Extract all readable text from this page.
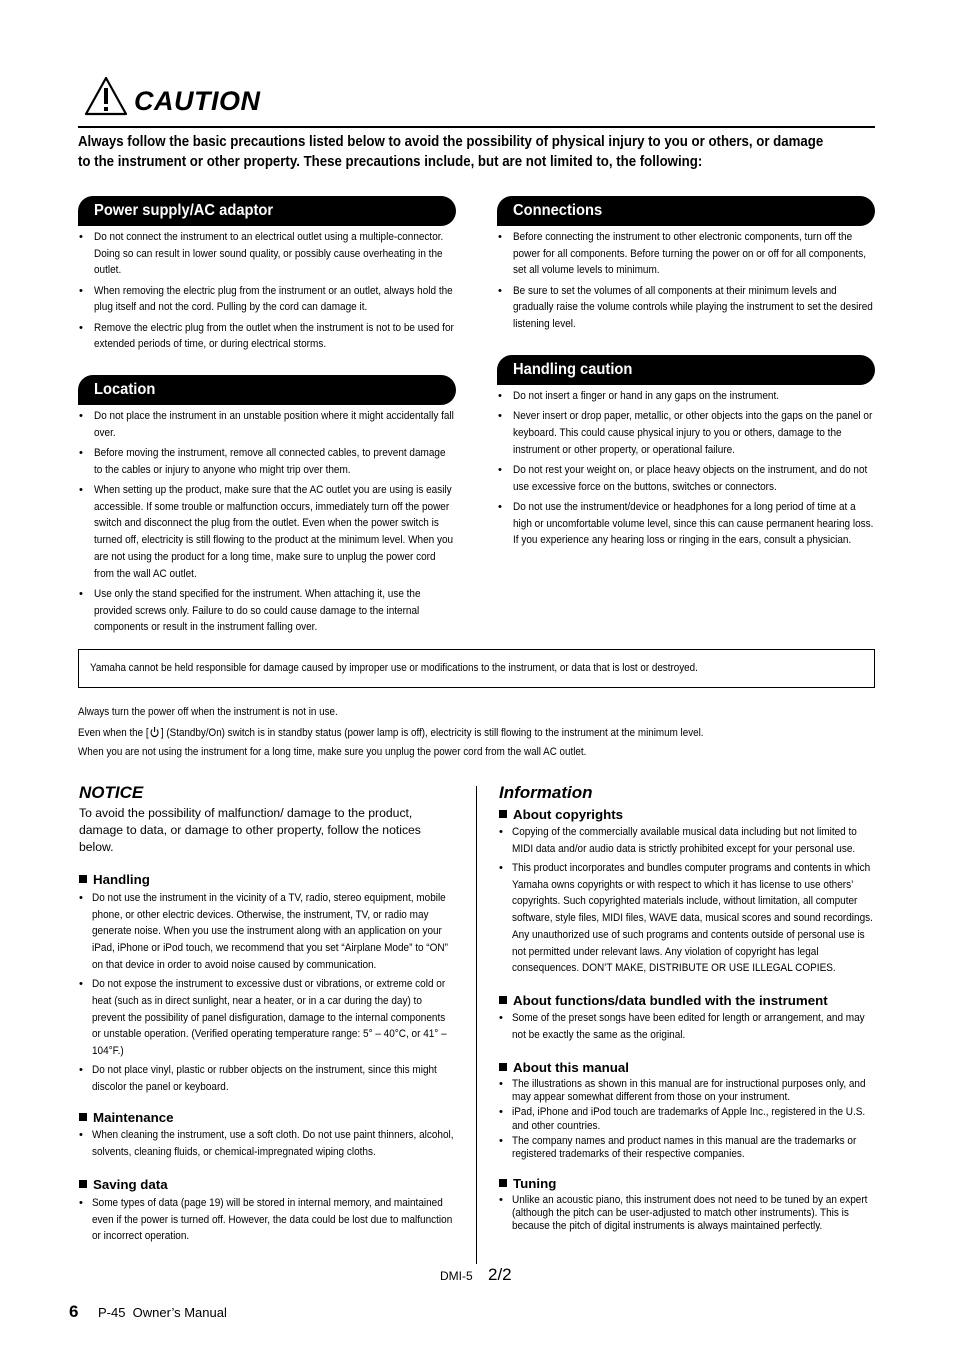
CAUTION
Always follow the basic precautions listed below to avoid the possibility of physical injury to you or others, or damage to the instrument or other property. These precautions include, but are not limited to, the following:
Power supply/AC adaptor
• Do not connect the instrument to an electrical outlet using a multiple-connector. Doing so can result in lower sound quality, or possibly cause overheating in the outlet.
• When removing the electric plug from the instrument or an outlet, always hold the plug itself and not the cord. Pulling by the cord can damage it.
• Remove the electric plug from the outlet when the instrument is not to be used for extended periods of time, or during electrical storms.
Location
• Do not place the instrument in an unstable position where it might accidentally fall over.
• Before moving the instrument, remove all connected cables, to prevent damage to the cables or injury to anyone who might trip over them.
• When setting up the product, make sure that the AC outlet you are using is easily accessible. If some trouble or malfunction occurs, immediately turn off the power switch and disconnect the plug from the outlet. Even when the power switch is turned off, electricity is still flowing to the product at the minimum level. When you are not using the product for a long time, make sure to unplug the power cord from the wall AC outlet.
• Use only the stand specified for the instrument. When attaching it, use the provided screws only. Failure to do so could cause damage to the internal components or result in the instrument falling over.
Connections
• Before connecting the instrument to other electronic components, turn off the power for all components. Before turning the power on or off for all components, set all volume levels to minimum.
• Be sure to set the volumes of all components at their minimum levels and gradually raise the volume controls while playing the instrument to set the desired listening level.
Handling caution
• Do not insert a finger or hand in any gaps on the instrument.
• Never insert or drop paper, metallic, or other objects into the gaps on the panel or keyboard. This could cause physical injury to you or others, damage to the instrument or other property, or operational failure.
• Do not rest your weight on, or place heavy objects on the instrument, and do not use excessive force on the buttons, switches or connectors.
• Do not use the instrument/device or headphones for a long period of time at a high or uncomfortable volume level, since this can cause permanent hearing loss. If you experience any hearing loss or ringing in the ears, consult a physician.
Yamaha cannot be held responsible for damage caused by improper use or modifications to the instrument, or data that is lost or destroyed.
Always turn the power off when the instrument is not in use.
Even when the [ ] (Standby/On) switch is in standby status (power lamp is off), electricity is still flowing to the instrument at the minimum level.
When you are not using the instrument for a long time, make sure you unplug the power cord from the wall AC outlet.
NOTICE
To avoid the possibility of malfunction/ damage to the product, damage to data, or damage to other property, follow the notices below.
Handling
• Do not use the instrument in the vicinity of a TV, radio, stereo equipment, mobile phone, or other electric devices. Otherwise, the instrument, TV, or radio may generate noise. When you use the instrument along with an application on your iPad, iPhone or iPod touch, we recommend that you set “Airplane Mode” to “ON” on that device in order to avoid noise caused by communication.
• Do not expose the instrument to excessive dust or vibrations, or extreme cold or heat (such as in direct sunlight, near a heater, or in a car during the day) to prevent the possibility of panel disfiguration, damage to the internal components or unstable operation. (Verified operating temperature range: 5° – 40°C, or 41° – 104°F.)
• Do not place vinyl, plastic or rubber objects on the instrument, since this might discolor the panel or keyboard.
Maintenance
• When cleaning the instrument, use a soft cloth. Do not use paint thinners, alcohol, solvents, cleaning fluids, or chemical-impregnated wiping cloths.
Saving data
• Some types of data (page 19) will be stored in internal memory, and maintained even if the power is turned off. However, the data could be lost due to malfunction or incorrect operation.
Information
About copyrights
• Copying of the commercially available musical data including but not limited to MIDI data and/or audio data is strictly prohibited except for your personal use.
• This product incorporates and bundles computer programs and contents in which Yamaha owns copyrights or with respect to which it has license to use others’ copyrights. Such copyrighted materials include, without limitation, all computer software, style files, MIDI files, WAVE data, musical scores and sound recordings. Any unauthorized use of such programs and contents outside of personal use is not permitted under relevant laws. Any violation of copyright has legal consequences. DON’T MAKE, DISTRIBUTE OR USE ILLEGAL COPIES.
About functions/data bundled with the instrument
• Some of the preset songs have been edited for length or arrangement, and may not be exactly the same as the original.
About this manual
• The illustrations as shown in this manual are for instructional purposes only, and may appear somewhat different from those on your instrument.
• iPad, iPhone and iPod touch are trademarks of Apple Inc., registered in the U.S. and other countries.
• The company names and product names in this manual are the trademarks or registered trademarks of their respective companies.
Tuning
• Unlike an acoustic piano, this instrument does not need to be tuned by an expert (although the pitch can be user-adjusted to match other instruments). This is because the pitch of digital instruments is always maintained perfectly.
DMI-5 2/2
6 P-45  Owner’s Manual
